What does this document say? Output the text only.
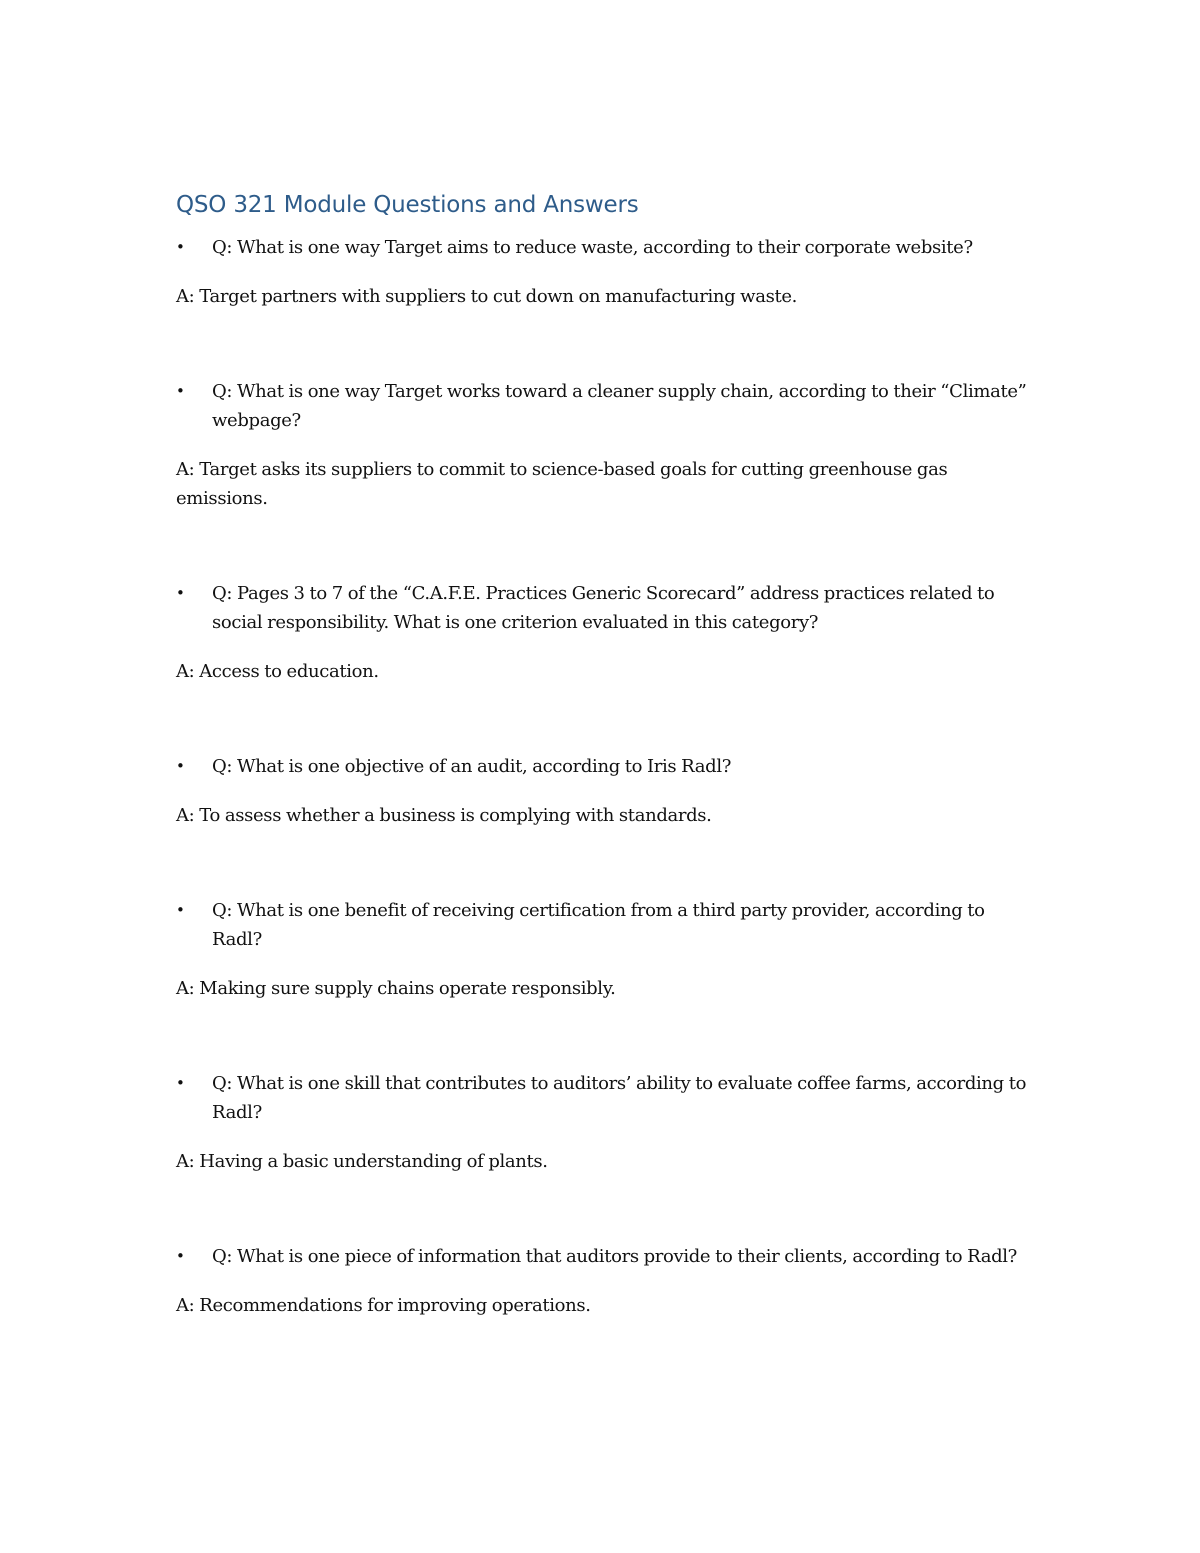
QSO 321 Module Questions and Answers

•	Q: What is one way Target aims to reduce waste, according to their corporate website?

A: Target partners with suppliers to cut down on manufacturing waste.

•	Q: What is one way Target works toward a cleaner supply chain, according to their “Climate” webpage?

A: Target asks its suppliers to commit to science-based goals for cutting greenhouse gas emissions.

•	Q: Pages 3 to 7 of the “C.A.F.E. Practices Generic Scorecard” address practices related to social responsibility. What is one criterion evaluated in this category?

A: Access to education.

•	Q: What is one objective of an audit, according to Iris Radl?

A: To assess whether a business is complying with standards.

•	Q: What is one benefit of receiving certification from a third party provider, according to Radl?

A: Making sure supply chains operate responsibly.

•	Q: What is one skill that contributes to auditors’ ability to evaluate coffee farms, according to Radl?

A: Having a basic understanding of plants.

•	Q: What is one piece of information that auditors provide to their clients, according to Radl?

A: Recommendations for improving operations.
